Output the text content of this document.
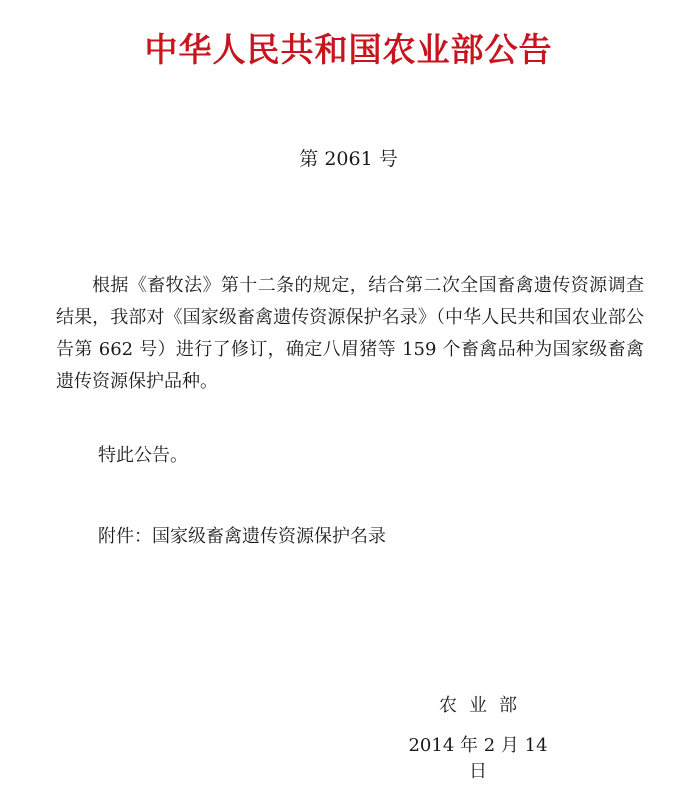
中华人民共和国农业部公告
第 2061 号

根据《畜牧法》第十二条的规定，结合第二次全国畜禽遗传资源调查结果，我部对《国家级畜禽遗传资源保护名录》（中华人民共和国农业部公告第 662 号）进行了修订，确定八眉猪等 159 个畜禽品种为国家级畜禽遗传资源保护品种。

特此公告。
附件：国家级畜禽遗传资源保护名录
农业部
2014 年 2 月 14 日
